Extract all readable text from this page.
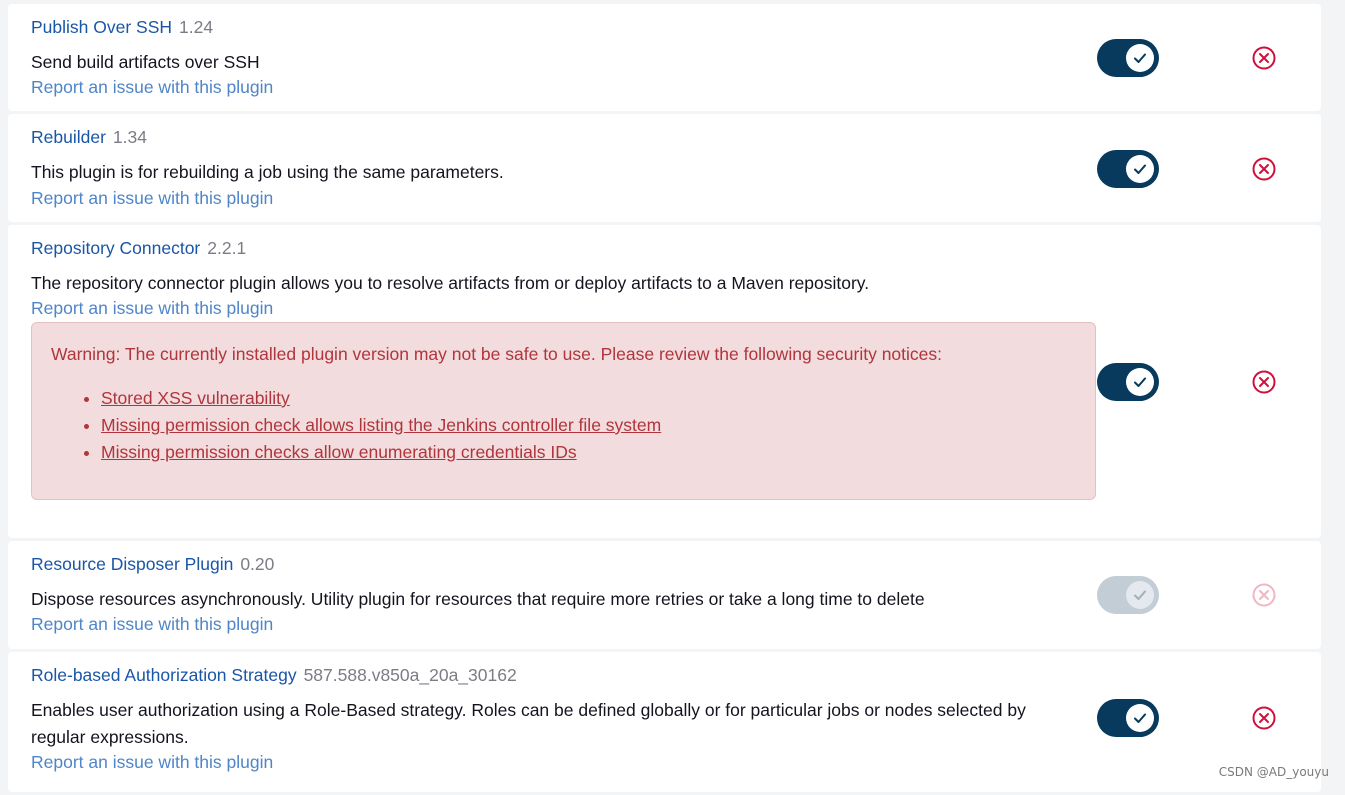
Publish Over SSH 1.24
Send build artifacts over SSH
Report an issue with this plugin
Rebuilder 1.34
This plugin is for rebuilding a job using the same parameters.
Report an issue with this plugin
Repository Connector 2.2.1
The repository connector plugin allows you to resolve artifacts from or deploy artifacts to a Maven repository.
Report an issue with this plugin
Warning: The currently installed plugin version may not be safe to use. Please review the following security notices:
• Stored XSS vulnerability
• Missing permission check allows listing the Jenkins controller file system
• Missing permission checks allow enumerating credentials IDs
Resource Disposer Plugin 0.20
Dispose resources asynchronously. Utility plugin for resources that require more retries or take a long time to delete
Report an issue with this plugin
Role-based Authorization Strategy 587.588.v850a_20a_30162
Enables user authorization using a Role-Based strategy. Roles can be defined globally or for particular jobs or nodes selected by regular expressions.
Report an issue with this plugin	CSDN @AD_youyu
